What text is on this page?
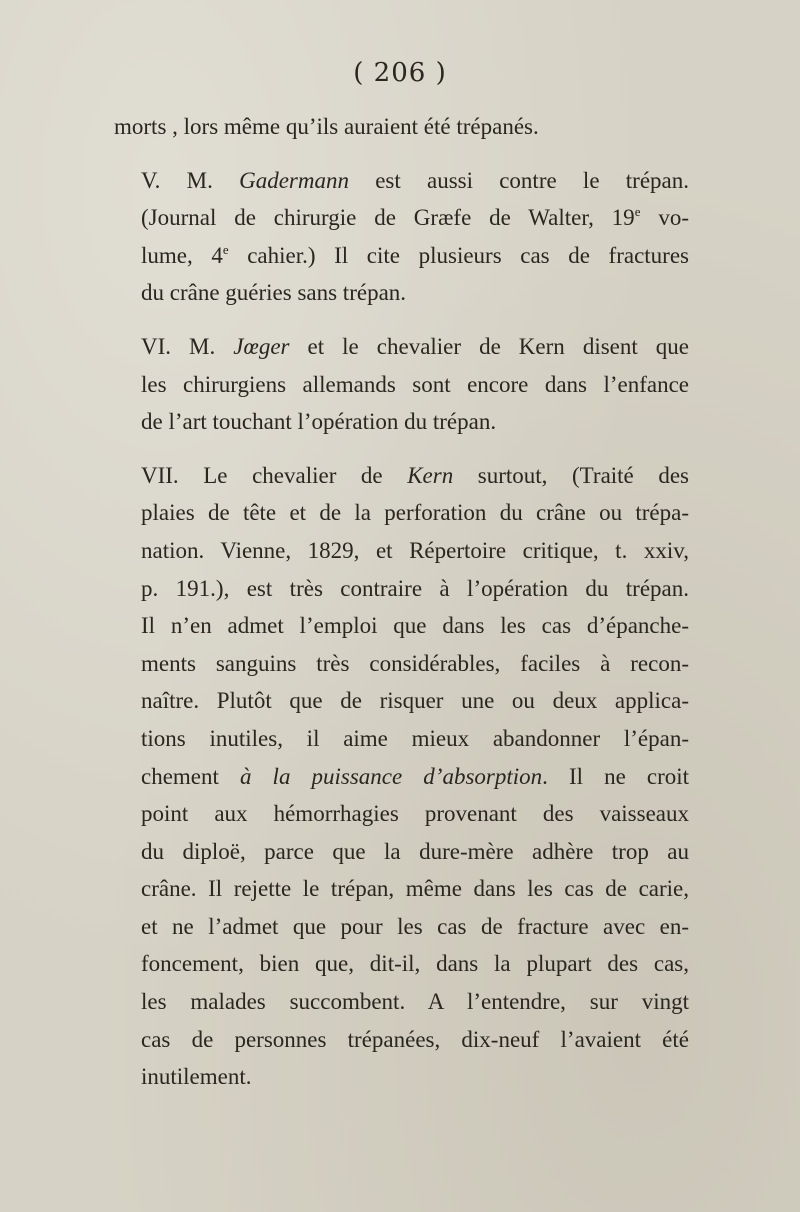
( 206 )

morts , lors même qu’ils auraient été trépanés.

V. M. Gadermann est aussi contre le trépan.
(Journal de chirurgie de Græfe de Walter, 19e vo-
lume, 4e cahier.) Il cite plusieurs cas de fractures
du crâne guéries sans trépan.

VI. M. Jœger et le chevalier de Kern disent que
les chirurgiens allemands sont encore dans l’enfance
de l’art touchant l’opération du trépan.

VII. Le chevalier de Kern surtout, (Traité des
plaies de tête et de la perforation du crâne ou trépa-
nation. Vienne, 1829, et Répertoire critique, t. xxiv,
p. 191.), est très contraire à l’opération du trépan.
Il n’en admet l’emploi que dans les cas d’épanche-
ments sanguins très considérables, faciles à recon-
naître. Plutôt que de risquer une ou deux applica-
tions inutiles, il aime mieux abandonner l’épan-
chement à la puissance d’absorption. Il ne croit
point aux hémorrhagies provenant des vaisseaux
du diploë, parce que la dure-mère adhère trop au
crâne. Il rejette le trépan, même dans les cas de carie,
et ne l’admet que pour les cas de fracture avec en-
foncement, bien que, dit-il, dans la plupart des cas,
les malades succombent. A l’entendre, sur vingt
cas de personnes trépanées, dix-neuf l’avaient été
inutilement.
